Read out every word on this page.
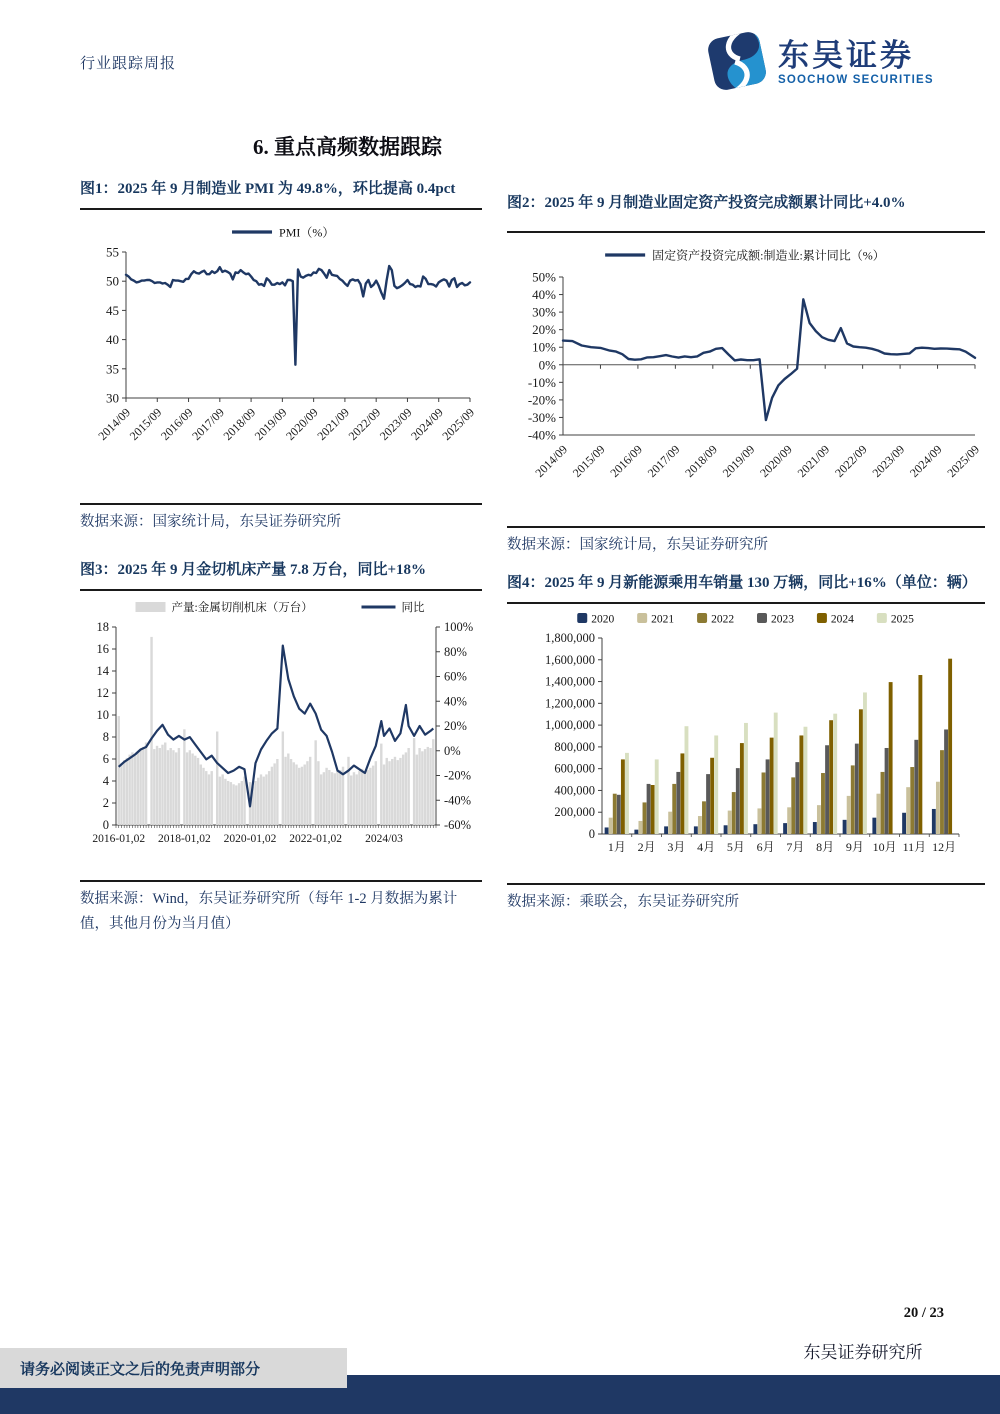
行业跟踪周报	东吴证券
SOOCHOW SECURITIES
6. 重点高频数据跟踪
图1：2025 年 9 月制造业 PMI 为 49.8%，环比提高 0.4pct
PMI（%）
30
35
40
45
50
55
2014/09
2015/09
2016/09
2017/09
2018/09
2019/09
2020/09
2021/09
2022/09
2023/09
2024/09
2025/09
数据来源：国家统计局，东吴证券研究所
图3：2025 年 9 月金切机床产量 7.8 万台，同比+18%
产量:金属切削机床（万台）	同比
0
2
4
6
8
10
12
14
16
18
-60%
-40%
-20%
0%
20%
40%
60%
80%
100%
2016-01,02 2018-01,02 2020-01,02 2022-01,02 2024/03
数据来源：Wind，东吴证券研究所（每年 1-2 月数据为累计值，其他月份为当月值）
图2：2025 年 9 月制造业固定资产投资完成额累计同比+4.0%
固定资产投资完成额:制造业:累计同比（%）
-40%
-30%
-20%
-10%
0%
10%
20%
30%
40%
50%
2014/09 2015/09 2016/09 2017/09 2018/09 2019/09 2020/09 2021/09 2022/09 2023/09 2024/09 2025/09
数据来源：国家统计局，东吴证券研究所
图4：2025 年 9 月新能源乘用车销量 130 万辆，同比+16%（单位：辆）
2020	2021	2022	2023	2024	2025
0
200,000
400,000
600,000
800,000
1,000,000
1,200,000
1,400,000
1,600,000
1,800,000
1月 2月 3月 4月 5月 6月 7月 8月 9月 10月 11月 12月
数据来源：乘联会，东吴证券研究所
20 / 23
东吴证券研究所
请务必阅读正文之后的免责声明部分
